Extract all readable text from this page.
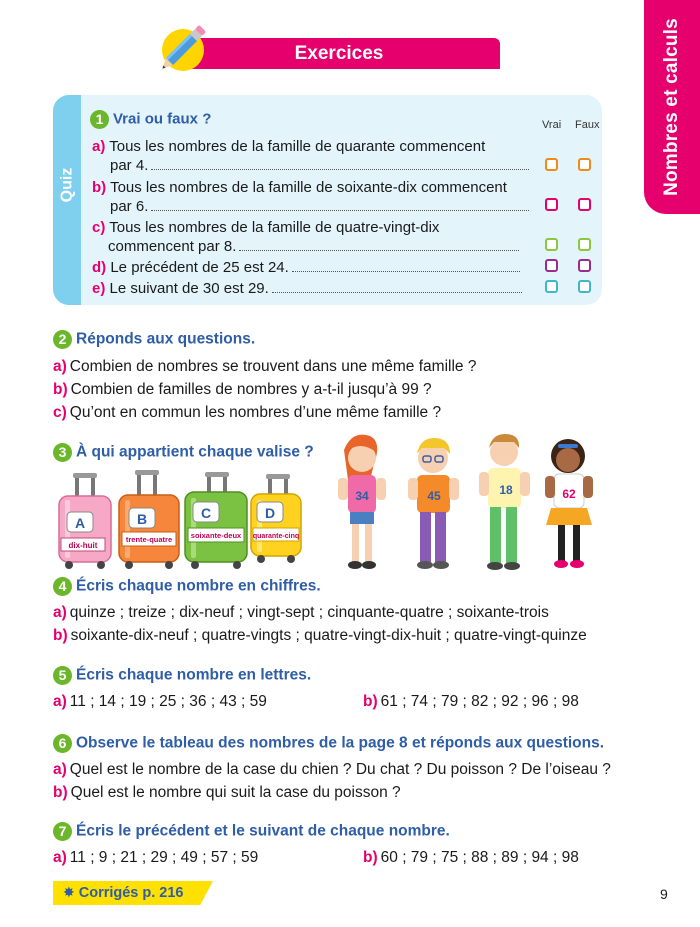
Exercices	Nombres et calculs
Quiz
1 Vrai ou faux ?	Vrai Faux
a) Tous les nombres de la famille de quarante commencent
par 4.
b) Tous les nombres de la famille de soixante-dix commencent
par 6.
c) Tous les nombres de la famille de quatre-vingt-dix
commencent par 8.
d) Le précédent de 25 est 24.
e) Le suivant de 30 est 29.
2 Réponds aux questions.
a) Combien de nombres se trouvent dans une même famille ?
b) Combien de familles de nombres y a-t-il jusqu’à 99 ?
c) Qu’ont en commun les nombres d’une même famille ?
3 À qui appartient chaque valise ?
A
dix-huit
B
trente-quatre
C
soixante-deux
D
quarante-cinq
34	45	18	62
4 Écris chaque nombre en chiffres.
a) quinze ; treize ; dix-neuf ; vingt-sept ; cinquante-quatre ; soixante-trois
b) soixante-dix-neuf ; quatre-vingts ; quatre-vingt-dix-huit ; quatre-vingt-quinze
5 Écris chaque nombre en lettres.
a) 11 ; 14 ; 19 ; 25 ; 36 ; 43 ; 59	b) 61 ; 74 ; 79 ; 82 ; 92 ; 96 ; 98
6 Observe le tableau des nombres de la page 8 et réponds aux questions.
a) Quel est le nombre de la case du chien ? Du chat ? Du poisson ? De l’oiseau ?
b) Quel est le nombre qui suit la case du poisson ?
7 Écris le précédent et le suivant de chaque nombre.
a) 11 ; 9 ; 21 ; 29 ; 49 ; 57 ; 59	b) 60 ; 79 ; 75 ; 88 ; 89 ; 94 ; 98
✸ Corrigés p. 216	9
